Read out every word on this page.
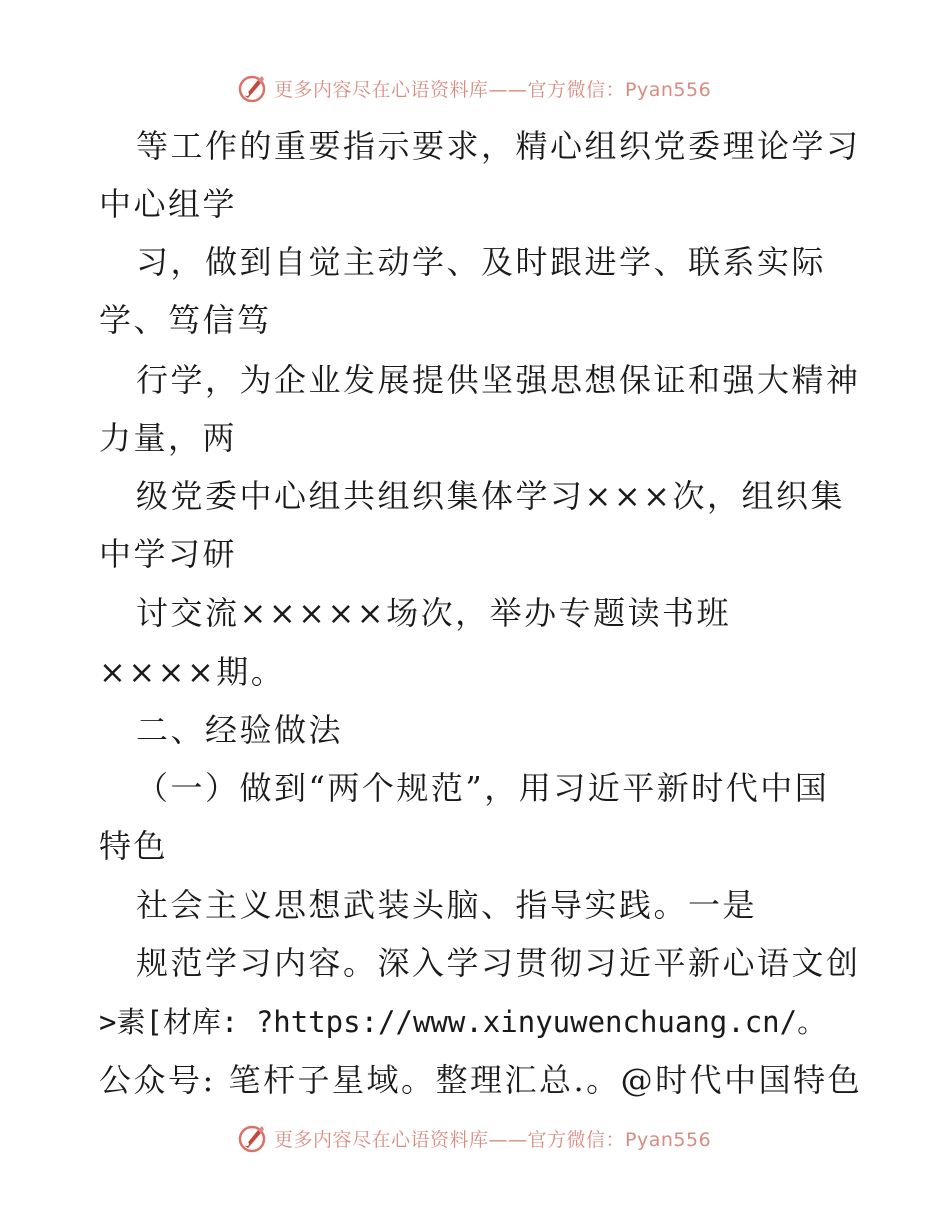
更多内容尽在心语资料库——官方微信：Pyan556
等工作的重要指示要求，精心组织党委理论学习
中心组学
习，做到自觉主动学、及时跟进学、联系实际
学、笃信笃
行学，为企业发展提供坚强思想保证和强大精神
力量，两
级党委中心组共组织集体学习×××次，组织集
中学习研
讨交流×××××场次，举办专题读书班
××××期。
二、经验做法
（一）做到“两个规范”，用习近平新时代中国
特色
社会主义思想武装头脑、指导实践。一是
规范学习内容。深入学习贯彻习近平新心语文创
>素[材库: ?https://www.xinyuwenchuang.cn/。
公众号: 笔杆子星域。整理汇总.。@时代中国特色
更多内容尽在心语资料库——官方微信：Pyan556
